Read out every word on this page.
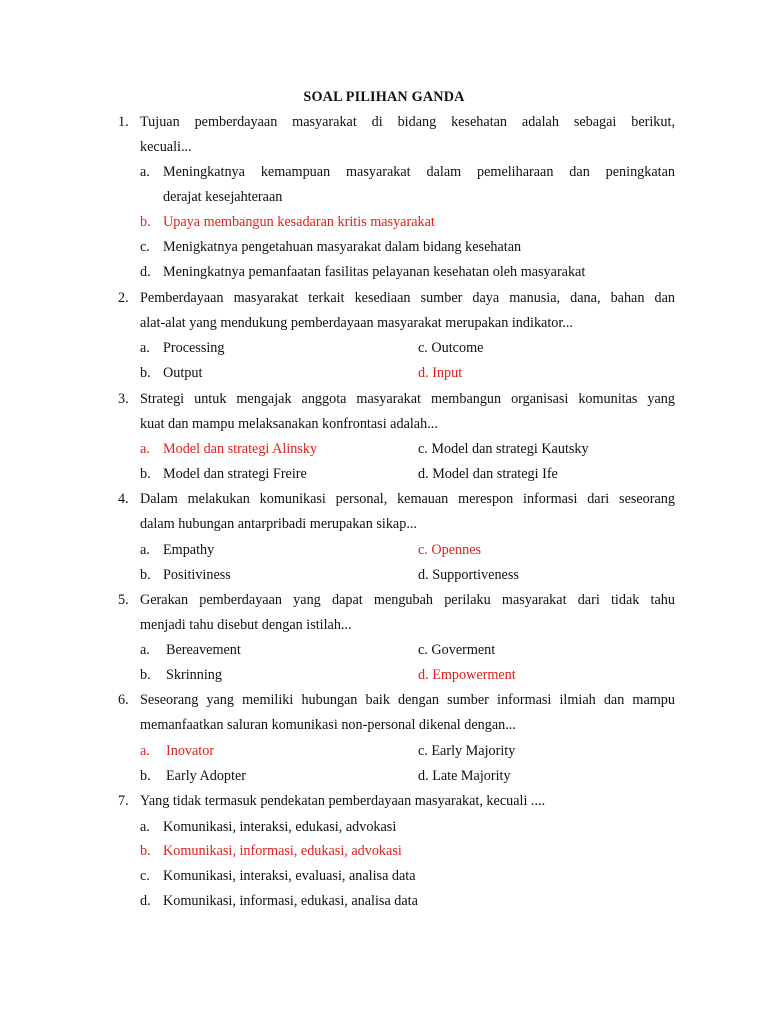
SOAL PILIHAN GANDA
1. Tujuan pemberdayaan masyarakat di bidang kesehatan adalah sebagai berikut,
kecuali...
a. Meningkatnya kemampuan masyarakat dalam pemeliharaan dan peningkatan
derajat kesejahteraan
b. Upaya membangun kesadaran kritis masyarakat
c. Menigkatnya pengetahuan masyarakat dalam bidang kesehatan
d. Meningkatnya pemanfaatan fasilitas pelayanan kesehatan oleh masyarakat
2. Pemberdayaan masyarakat terkait kesediaan sumber daya manusia, dana, bahan dan
alat-alat yang mendukung pemberdayaan masyarakat merupakan indikator...
a. Processing	c. Outcome
b. Output	d. Input
3. Strategi untuk mengajak anggota masyarakat membangun organisasi komunitas yang
kuat dan mampu melaksanakan konfrontasi adalah...
a. Model dan strategi Alinsky	c. Model dan strategi Kautsky
b. Model dan strategi Freire	d. Model dan strategi Ife
4. Dalam melakukan komunikasi personal, kemauan merespon informasi dari seseorang
dalam hubungan antarpribadi merupakan sikap...
a. Empathy	c. Opennes
b. Positiviness	d. Supportiveness
5. Gerakan pemberdayaan yang dapat mengubah perilaku masyarakat dari tidak tahu
menjadi tahu disebut dengan istilah...
a. Bereavement	c. Goverment
b. Skrinning	d. Empowerment
6. Seseorang yang memiliki hubungan baik dengan sumber informasi ilmiah dan mampu
memanfaatkan saluran komunikasi non-personal dikenal dengan...
a. Inovator	c. Early Majority
b. Early Adopter	d. Late Majority
7. Yang tidak termasuk pendekatan pemberdayaan masyarakat, kecuali ....
a. Komunikasi, interaksi, edukasi, advokasi
b. Komunikasi, informasi, edukasi, advokasi
c. Komunikasi, interaksi, evaluasi, analisa data
d. Komunikasi, informasi, edukasi, analisa data
